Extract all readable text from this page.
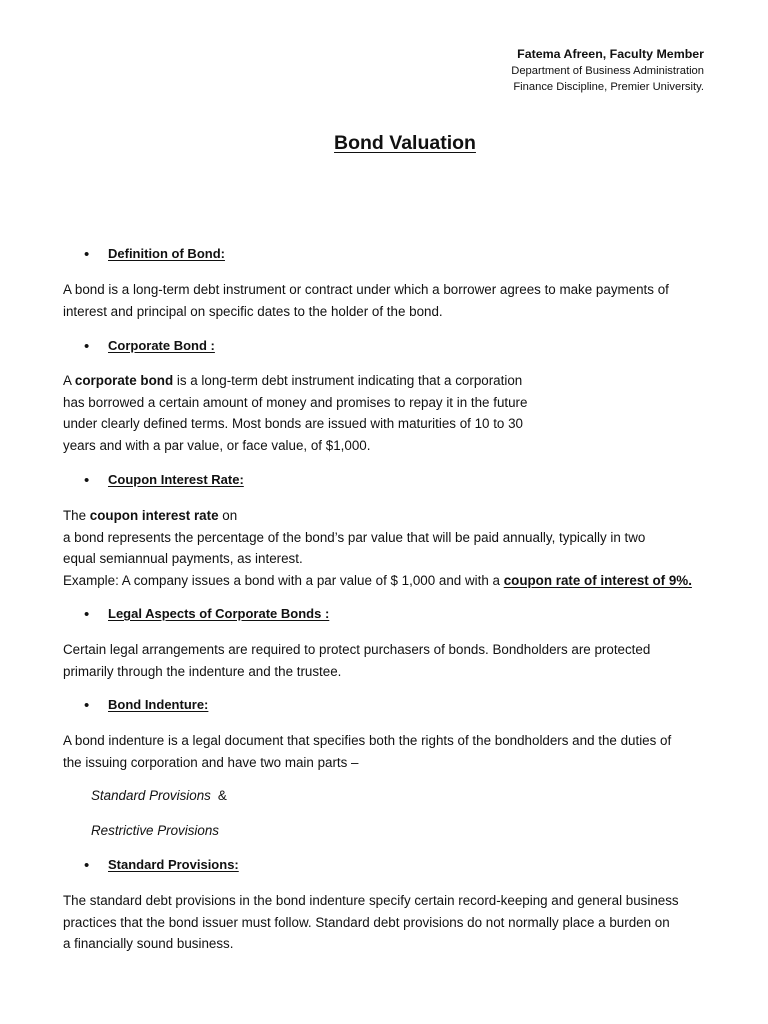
Fatema Afreen, Faculty Member
Department of Business Administration
Finance Discipline, Premier University.
Bond Valuation
• Definition of Bond:
A bond is a long-term debt instrument or contract under which a borrower agrees to make payments of
interest and principal on specific dates to the holder of the bond.
• Corporate Bond :
A corporate bond is a long-term debt instrument indicating that a corporation
has borrowed a certain amount of money and promises to repay it in the future
under clearly defined terms. Most bonds are issued with maturities of 10 to 30
years and with a par value, or face value, of $1,000.
• Coupon Interest Rate:
The coupon interest rate on
a bond represents the percentage of the bond’s par value that will be paid annually, typically in two
equal semiannual payments, as interest.
Example: A company issues a bond with a par value of $ 1,000 and with a coupon rate of interest of 9%.
• Legal Aspects of Corporate Bonds :
Certain legal arrangements are required to protect purchasers of bonds. Bondholders are protected
primarily through the indenture and the trustee.
• Bond Indenture:
A bond indenture is a legal document that specifies both the rights of the bondholders and the duties of
the issuing corporation and have two main parts –
Standard Provisions &
Restrictive Provisions
• Standard Provisions:
The standard debt provisions in the bond indenture specify certain record-keeping and general business
practices that the bond issuer must follow. Standard debt provisions do not normally place a burden on
a financially sound business.
